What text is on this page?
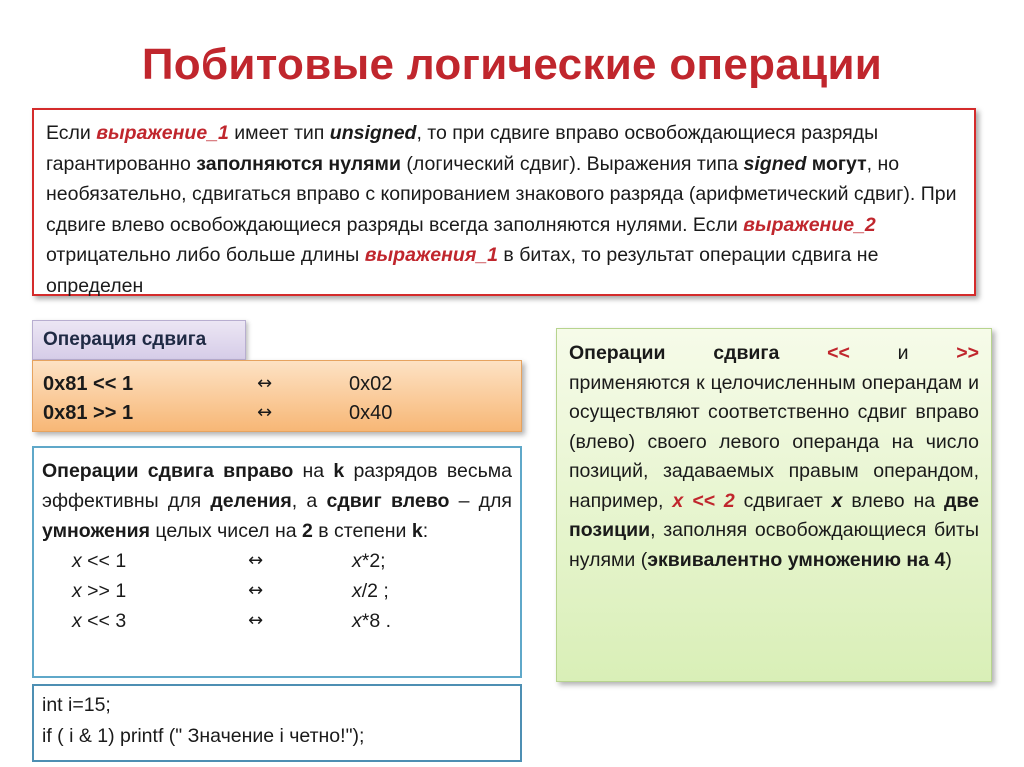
Побитовые логические операции
Если выражение_1 имеет тип unsigned, то при сдвиге вправо освобождающиеся разряды гарантированно заполняются нулями (логический сдвиг). Выражения типа signed могут, но необязательно, сдвигаться вправо с копированием знакового разряда (арифметический сдвиг). При сдвиге влево освобождающиеся разряды всегда заполняются нулями. Если выражение_2 отрицательно либо больше длины выражения_1 в битах, то результат операции сдвига не определен
Операция сдвига
0x81 << 1	↔	0x02
0x81 >> 1	↔	0x40
Операции сдвига << и >>
применяются к целочисленным операндам и осуществляют соответственно сдвиг вправо (влево) своего левого операнда на число позиций, задаваемых правым операндом, например, x << 2 сдвигает x влево на две позиции, заполняя освобождающиеся биты нулями (эквивалентно умножению на 4)
Операции сдвига вправо на k разрядов весьма эффективны для деления, а сдвиг влево – для умножения целых чисел на 2 в степени k:
x << 1	↔	x*2;
x >> 1	↔	x/2 ;
x << 3	↔	x*8 .
int i=15;
if ( i & 1) printf (" Значение i четно!");
